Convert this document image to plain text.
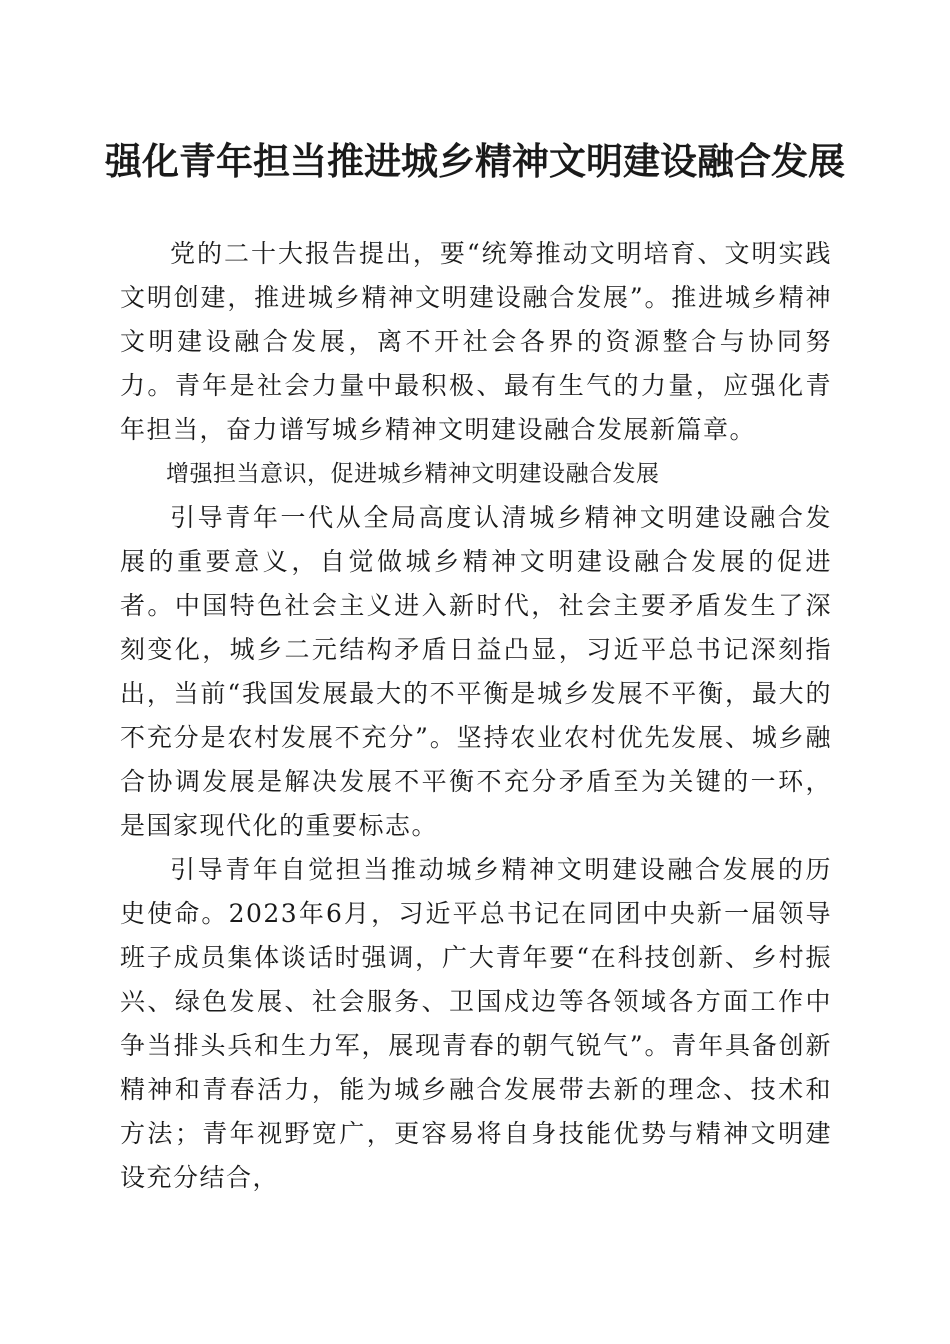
强化青年担当推进城乡精神文明建设融合发展

党的二十大报告提出，要“统筹推动文明培育、文明实践文明创建，推进城乡精神文明建设融合发展”。推进城乡精神文明建设融合发展，离不开社会各界的资源整合与协同努力。青年是社会力量中最积极、最有生气的力量，应强化青年担当，奋力谱写城乡精神文明建设融合发展新篇章。

增强担当意识，促进城乡精神文明建设融合发展

引导青年一代从全局高度认清城乡精神文明建设融合发展的重要意义，自觉做城乡精神文明建设融合发展的促进者。中国特色社会主义进入新时代，社会主要矛盾发生了深刻变化，城乡二元结构矛盾日益凸显，习近平总书记深刻指出，当前“我国发展最大的不平衡是城乡发展不平衡，最大的不充分是农村发展不充分”。坚持农业农村优先发展、城乡融合协调发展是解决发展不平衡不充分矛盾至为关键的一环，是国家现代化的重要标志。

引导青年自觉担当推动城乡精神文明建设融合发展的历史使命。2023年6月，习近平总书记在同团中央新一届领导班子成员集体谈话时强调，广大青年要“在科技创新、乡村振兴、绿色发展、社会服务、卫国戍边等各领域各方面工作中争当排头兵和生力军，展现青春的朝气锐气”。青年具备创新精神和青春活力，能为城乡融合发展带去新的理念、技术和方法；青年视野宽广，更容易将自身技能优势与精神文明建设充分结合，
